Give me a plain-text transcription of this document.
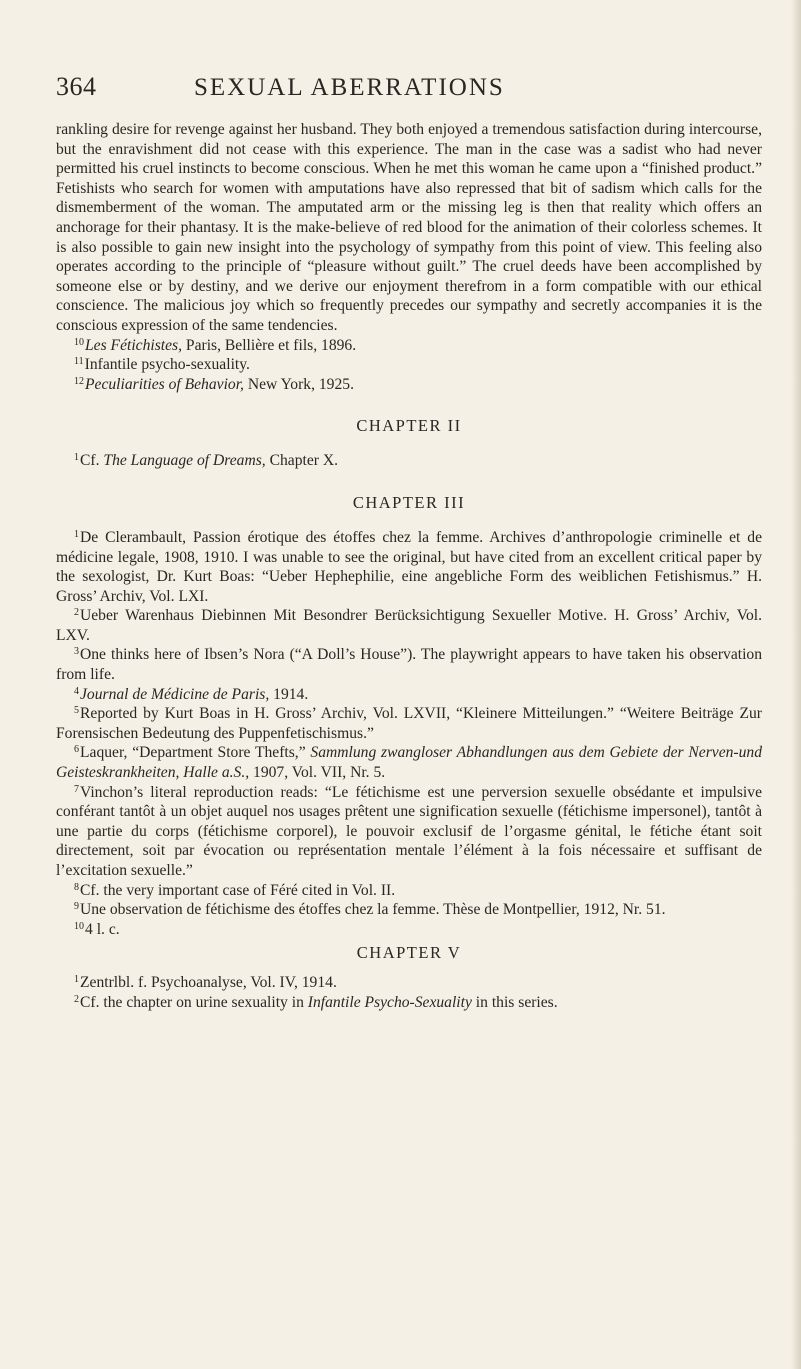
364	SEXUAL ABERRATIONS

rankling desire for revenge against her husband. They both enjoyed a tremendous satisfaction during intercourse, but the enravishment did not cease with this experience. The man in the case was a sadist who had never permitted his cruel instincts to become conscious. When he met this woman he came upon a “finished product.” Fetishists who search for women with amputations have also repressed that bit of sadism which calls for the dismemberment of the woman. The amputated arm or the missing leg is then that reality which offers an anchorage for their phantasy. It is the make-believe of red blood for the animation of their colorless schemes. It is also possible to gain new insight into the psychology of sympathy from this point of view. This feeling also operates according to the principle of “pleasure without guilt.” The cruel deeds have been accomplished by someone else or by destiny, and we derive our enjoyment therefrom in a form compatible with our ethical conscience. The malicious joy which so frequently precedes our sympathy and secretly accompanies it is the conscious expression of the same tendencies.

$^{10}$Les Fétichistes, Paris, Bellière et fils, 1896.

$^{11}$Infantile psycho-sexuality.

$^{12}$Peculiarities of Behavior, New York, 1925.

CHAPTER II

$^1$Cf. The Language of Dreams, Chapter X.

CHAPTER III

$^1$De Clerambault, Passion érotique des étoffes chez la femme. Archives d’anthropologie criminelle et de médicine legale, 1908, 1910. I was unable to see the original, but have cited from an excellent critical paper by the sexologist, Dr. Kurt Boas: “Ueber Hephephilie, eine angebliche Form des weiblichen Fetishismus.” H. Gross’ Archiv, Vol. LXI.

$^2$Ueber Warenhaus Diebinnen Mit Besondrer Berücksichtigung Sexueller Motive. H. Gross’ Archiv, Vol. LXV.

$^3$One thinks here of Ibsen’s Nora (“A Doll’s House”). The playwright appears to have taken his observation from life.

$^4$Journal de Médicine de Paris, 1914.

$^5$Reported by Kurt Boas in H. Gross’ Archiv, Vol. LXVII, “Kleinere Mitteilungen.” “Weitere Beiträge Zur Forensischen Bedeutung des Puppenfetischismus.”

$^6$Laquer, “Department Store Thefts,” Sammlung zwangloser Abhandlungen aus dem Gebiete der Nerven-und Geisteskrankheiten, Halle a.S., 1907, Vol. VII, Nr. 5.

$^7$Vinchon’s literal reproduction reads: “Le fétichisme est une perversion sexuelle obsédante et impulsive conférant tantôt à un objet auquel nos usages prêtent une signification sexuelle (fétichisme impersonel), tantôt à une partie du corps (fétichisme corporel), le pouvoir exclusif de l’orgasme génital, le fétiche étant soit directement, soit par évocation ou représentation mentale l’élément à la fois nécessaire et suffisant de l’excitation sexuelle.”

$^8$Cf. the very important case of Féré cited in Vol. II.

$^9$Une observation de fétichisme des étoffes chez la femme. Thèse de Montpellier, 1912, Nr. 51.

$^{10}$4 l. c.

CHAPTER V

$^1$Zentrlbl. f. Psychoanalyse, Vol. IV, 1914.

$^2$Cf. the chapter on urine sexuality in Infantile Psycho-Sexuality in this series.
